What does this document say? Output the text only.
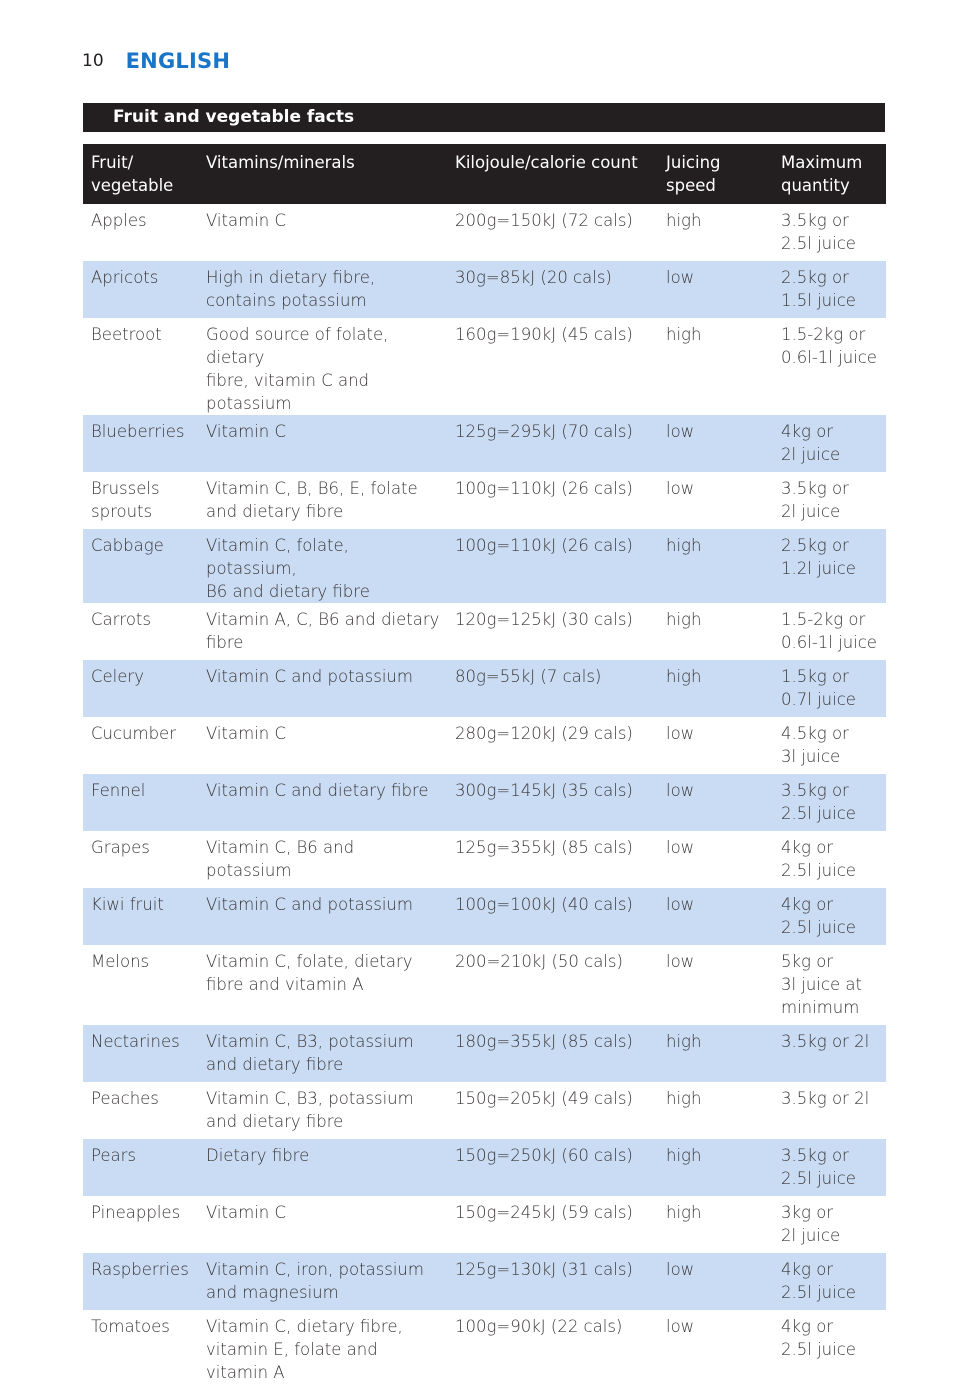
10 ENGLISH
Fruit and vegetable facts
Fruit/
vegetable	Vitamins/minerals	Kilojoule/calorie count	Juicing
speed	Maximum
quantity
Apples	Vitamin C	200g=150kJ (72 cals)	high	3.5kg or
2.5l juice
Apricots	High in dietary fibre,
contains potassium	30g=85kJ (20 cals)	low	2.5kg or
1.5l juice
Beetroot	Good source of folate, dietary
fibre, vitamin C and potassium	160g=190kJ (45 cals)	high	1.5-2kg or
0.6l-1l juice
Blueberries	Vitamin C	125g=295kJ (70 cals)	low	4kg or
2l juice
Brussels
sprouts	Vitamin C, B, B6, E, folate
and dietary fibre	100g=110kJ (26 cals)	low	3.5kg or
2l juice
Cabbage	Vitamin C, folate, potassium,
B6 and dietary fibre	100g=110kJ (26 cals)	high	2.5kg or
1.2l juice
Carrots	Vitamin A, C, B6 and dietary
fibre	120g=125kJ (30 cals)	high	1.5-2kg or
0.6l-1l juice
Celery	Vitamin C and potassium	80g=55kJ (7 cals)	high	1.5kg or
0.7l juice
Cucumber	Vitamin C	280g=120kJ (29 cals)	low	4.5kg or
3l juice
Fennel	Vitamin C and dietary fibre	300g=145kJ (35 cals)	low	3.5kg or
2.5l juice
Grapes	Vitamin C, B6 and potassium	125g=355kJ (85 cals)	low	4kg or
2.5l juice
Kiwi fruit	Vitamin C and potassium	100g=100kJ (40 cals)	low	4kg or
2.5l juice
Melons	Vitamin C, folate, dietary
fibre and vitamin A	200=210kJ (50 cals)	low	5kg or
3l juice at
minimum
Nectarines	Vitamin C, B3, potassium
and dietary fibre	180g=355kJ (85 cals)	high	3.5kg or 2l
Peaches	Vitamin C, B3, potassium
and dietary fibre	150g=205kJ (49 cals)	high	3.5kg or 2l
Pears	Dietary fibre	150g=250kJ (60 cals)	high	3.5kg or
2.5l juice
Pineapples	Vitamin C	150g=245kJ (59 cals)	high	3kg or
2l juice
Raspberries	Vitamin C, iron, potassium
and magnesium	125g=130kJ (31 cals)	low	4kg or
2.5l juice
Tomatoes	Vitamin C, dietary fibre,
vitamin E, folate and vitamin A	100g=90kJ (22 cals)	low	4kg or
2.5l juice
